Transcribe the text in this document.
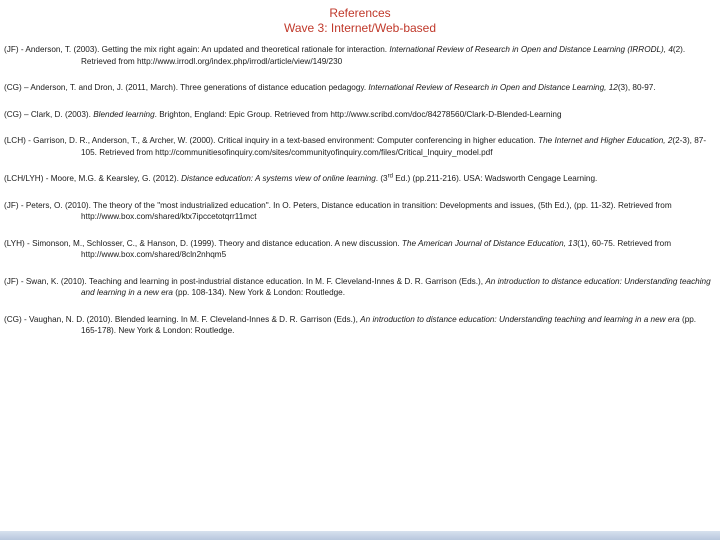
References
Wave 3: Internet/Web-based

(JF) - Anderson, T. (2003). Getting the mix right again: An updated and theoretical rationale for interaction. International Review of Research in Open and Distance Learning (IRRODL), 4(2). Retrieved from http://www.irrodl.org/index.php/irrodl/article/view/149/230

(CG) – Anderson, T. and Dron, J. (2011, March). Three generations of distance education pedagogy. International Review of Research in Open and Distance Learning, 12(3), 80-97.

(CG) – Clark, D. (2003). Blended learning. Brighton, England: Epic Group. Retrieved from http://www.scribd.com/doc/84278560/Clark-D-Blended-Learning

(LCH) - Garrison, D. R., Anderson, T., & Archer, W. (2000). Critical inquiry in a text-based environment: Computer conferencing in higher education. The Internet and Higher Education, 2(2-3), 87-105. Retrieved from http://communitiesofinquiry.com/sites/communityofinquiry.com/files/Critical_Inquiry_model.pdf

(LCH/LYH) - Moore, M.G. & Kearsley, G. (2012). Distance education: A systems view of online learning. (3rd Ed.) (pp.211-216). USA: Wadsworth Cengage Learning.

(JF) - Peters, O. (2010). The theory of the "most industrialized education". In O. Peters, Distance education in transition: Developments and issues, (5th Ed.), (pp. 11-32). Retrieved from http://www.box.com/shared/ktx7ipccetotqrr11mct

(LYH) - Simonson, M., Schlosser, C., & Hanson, D. (1999). Theory and distance education. A new discussion. The American Journal of Distance Education, 13(1), 60-75. Retrieved from http://www.box.com/shared/8cln2nhqm5

(JF) - Swan, K. (2010). Teaching and learning in post-industrial distance education. In M. F. Cleveland-Innes & D. R. Garrison (Eds.), An introduction to distance education: Understanding teaching and learning in a new era (pp. 108-134). New York & London: Routledge.

(CG) - Vaughan, N. D. (2010). Blended learning. In M. F. Cleveland-Innes & D. R. Garrison (Eds.), An introduction to distance education: Understanding teaching and learning in a new era (pp. 165-178). New York & London: Routledge.
